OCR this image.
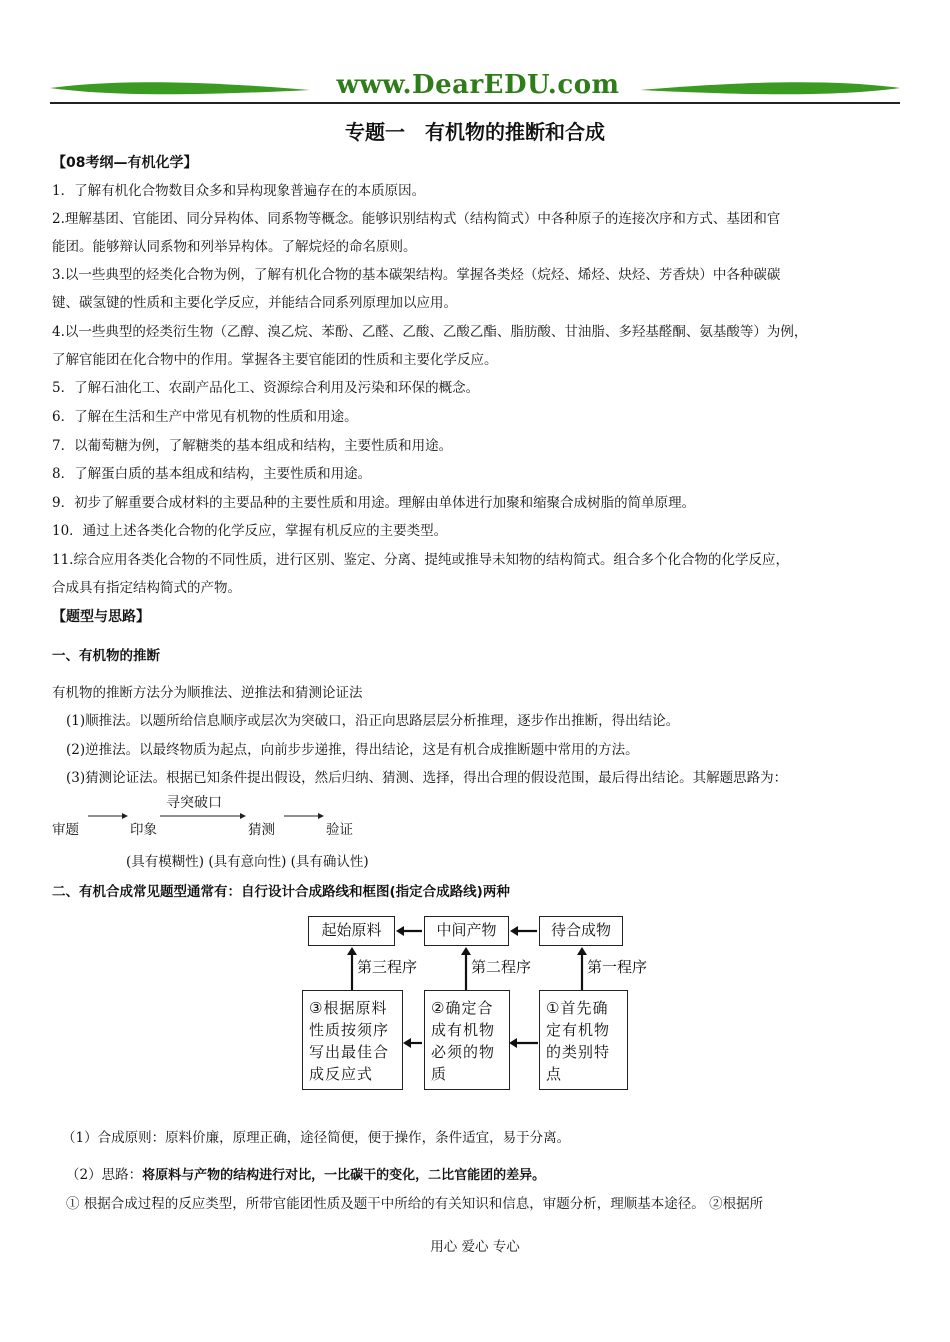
www.DearEDU.com
专题一　有机物的推断和合成
【08考纲—有机化学】
1．了解有机化合物数目众多和异构现象普遍存在的本质原因。
2.理解基团、官能团、同分异构体、同系物等概念。能够识别结构式（结构简式）中各种原子的连接次序和方式、基团和官
能团。能够辩认同系物和列举异构体。了解烷烃的命名原则。
3.以一些典型的烃类化合物为例，了解有机化合物的基本碳架结构。掌握各类烃（烷烃、烯烃、炔烃、芳香炔）中各种碳碳
键、碳氢键的性质和主要化学反应，并能结合同系列原理加以应用。
4.以一些典型的烃类衍生物（乙醇、溴乙烷、苯酚、乙醛、乙酸、乙酸乙酯、脂肪酸、甘油脂、多羟基醛酮、氨基酸等）为例，
了解官能团在化合物中的作用。掌握各主要官能团的性质和主要化学反应。
5．了解石油化工、农副产品化工、资源综合利用及污染和环保的概念。
6．了解在生活和生产中常见有机物的性质和用途。
7．以葡萄糖为例，了解糖类的基本组成和结构，主要性质和用途。
8．了解蛋白质的基本组成和结构，主要性质和用途。
9．初步了解重要合成材料的主要品种的主要性质和用途。理解由单体进行加聚和缩聚合成树脂的简单原理。
10．通过上述各类化合物的化学反应，掌握有机反应的主要类型。
11.综合应用各类化合物的不同性质，进行区别、鉴定、分离、提纯或推导未知物的结构简式。组合多个化合物的化学反应，
合成具有指定结构简式的产物。
【题型与思路】
一、有机物的推断
有机物的推断方法分为顺推法、逆推法和猜测论证法
(1)顺推法。以题所给信息顺序或层次为突破口，沿正向思路层层分析推理，逐步作出推断，得出结论。
(2)逆推法。以最终物质为起点，向前步步递推，得出结论，这是有机合成推断题中常用的方法。
(3)猜测论证法。根据已知条件提出假设，然后归纳、猜测、选择，得出合理的假设范围，最后得出结论。其解题思路为：
审题	印象
寻突破口
猜测	验证
(具有模糊性) (具有意向性) (具有确认性)
二、有机合成常见题型通常有：自行设计合成路线和框图(指定合成路线)两种
起始原料	中间产物	待合成物
第三程序	第二程序	第一程序
③根据原料性质按须序写出最佳合成反应式
②确定合成有机物必须的物质
①首先确定有机物的类别特点
（1）合成原则：原料价廉，原理正确，途径简便，便于操作，条件适宜，易于分离。
（2）思路：将原料与产物的结构进行对比，一比碳干的变化，二比官能团的差异。
① 根据合成过程的反应类型，所带官能团性质及题干中所给的有关知识和信息，审题分析，理顺基本途径。 ②根据所
用心 爱心 专心
